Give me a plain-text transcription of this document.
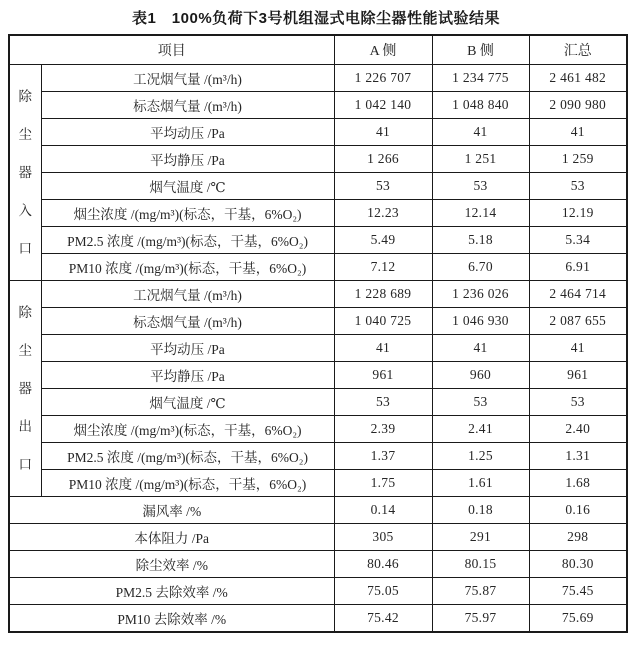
表1　100%负荷下3号机组湿式电除尘器性能试验结果
项目		A 侧	B 侧	汇总
除尘器入口	工况烟气量 /(m³/h)	1 226 707	1 234 775	2 461 482
	标态烟气量 /(m³/h)	1 042 140	1 048 840	2 090 980
	平均动压 /Pa	41	41	41
	平均静压 /Pa	1 266	1 251	1 259
	烟气温度 /℃	53	53	53
	烟尘浓度 /(mg/m³)(标态，干基，6%O₂)	12.23	12.14	12.19
	PM2.5 浓度 /(mg/m³)(标态，干基，6%O₂)	5.49	5.18	5.34
	PM10 浓度 /(mg/m³)(标态，干基，6%O₂)	7.12	6.70	6.91
除尘器出口	工况烟气量 /(m³/h)	1 228 689	1 236 026	2 464 714
	标态烟气量 /(m³/h)	1 040 725	1 046 930	2 087 655
	平均动压 /Pa	41	41	41
	平均静压 /Pa	961	960	961
	烟气温度 /℃	53	53	53
	烟尘浓度 /(mg/m³)(标态，干基，6%O₂)	2.39	2.41	2.40
	PM2.5 浓度 /(mg/m³)(标态，干基，6%O₂)	1.37	1.25	1.31
	PM10 浓度 /(mg/m³)(标态，干基，6%O₂)	1.75	1.61	1.68
漏风率 /%		0.14	0.18	0.16
本体阻力 /Pa		305	291	298
除尘效率 /%		80.46	80.15	80.30
PM2.5 去除效率 /%		75.05	75.87	75.45
PM10 去除效率 /%		75.42	75.97	75.69
